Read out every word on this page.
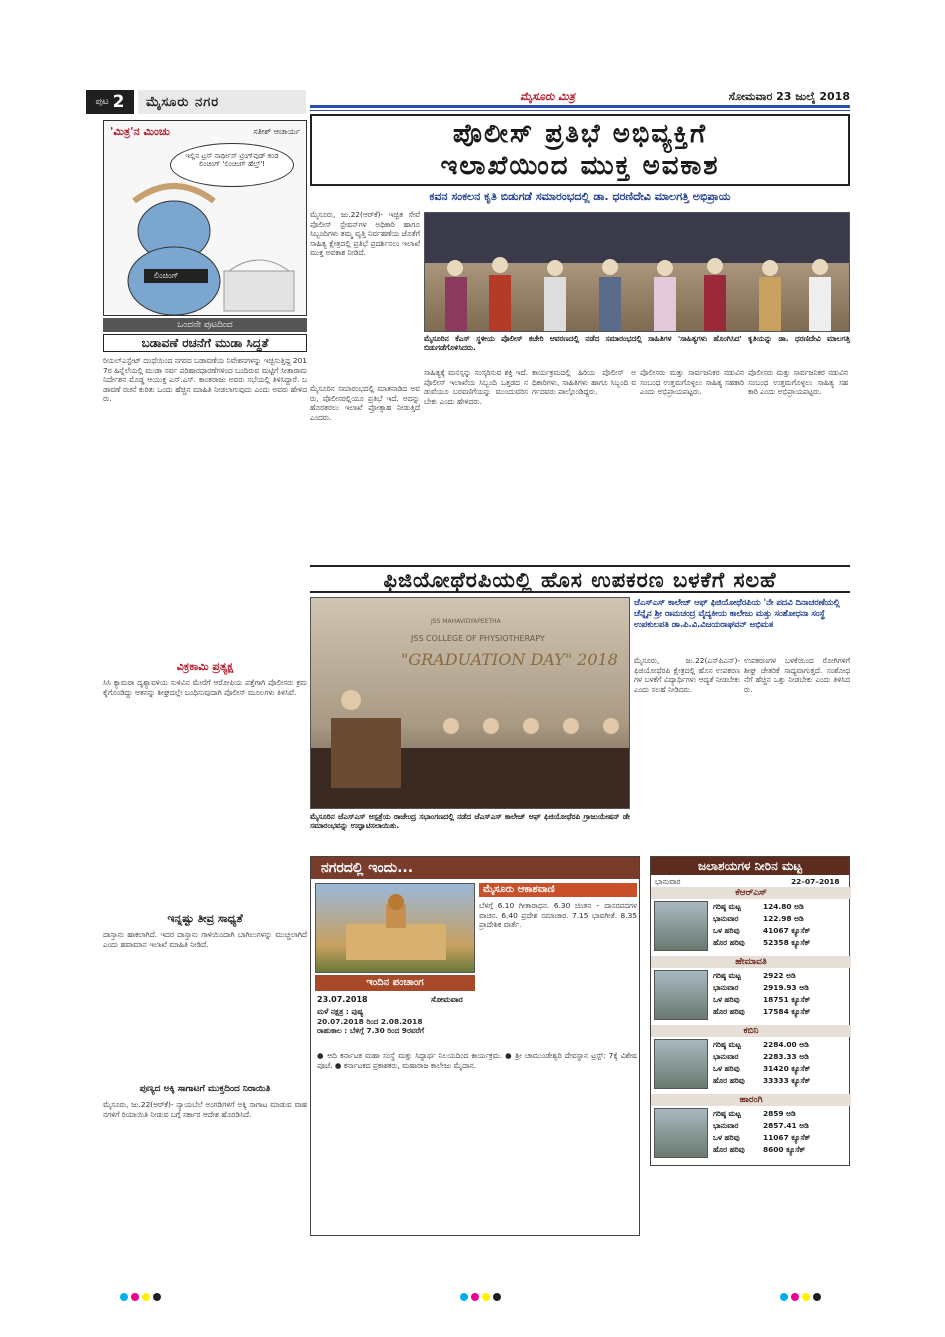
ಪುಟ 2	ಮೈಸೂರು ನಗರ	ಮೈಸೂರು ಮಿತ್ರ	ಸೋಮವಾರ 23 ಜುಲೈ 2018
'ಮಿತ್ರ'ನ ಮಿಂಚು	ಸತೀಶ್ ಆಚಾರ್ಯ
ಇಲ್ಲಿನ ಟ್ರಸ್ ನಾರ್ಥೀಸ್ ಟ್ರಿಂಗ್‌ವುಡ್ ಕಂಡ ಲಿಂಚಿಂಗ್ 'ಲಿಂಚಿಂಗ್ ಹೆಲ್ತ್'!
ಲಿಂಚಿಂಗ್
ಒಂದನೇ ಪುಟದಿಂದ
ಬಡಾವಣೆ ರಚನೆಗೆ ಮುಡಾ ಸಿದ್ಧತೆ
ರಿಯಲ್‌ಎಸ್ಟೇಟ್ ದಂಧೆಯಿಂದ ನಗರದ ಬಡಾವಣೆಯ ನಿವೇಶನಗಳನ್ನು ಇಚ್ಛಿಸುತ್ತಿದ್ದ 2017ರ ಹಿನ್ನೆಲೆಯಲ್ಲಿ ಮುಡಾ ಸರ್ವ ಪರಿಹಾರಧಾರಣೆಗಳಿಂದ ಬಂದಿರುವ ಮಟ್ಟಿಗೆ ಸೀತಾರಾಮ ನಿರ್ದೇಶನ ಮೊಡ್ಡ ಆಯುಕ್ತ ಎಸ್.ಎಸ್. ಕಾಂತರಾಜು ಅವರು ಸಭೆಯಲ್ಲಿ ತಿಳಿಸಿದ್ದಾರೆ. ಬಡಾವಣೆ ರಚನೆ ಕುರಿತು ಒಂದು ಹೆಚ್ಚಿನ ಮಾಹಿತಿ ನೀಡಲಾಗುವುದು ಎಂದು ಅವರು ಹೇಳಿದರು.
ವಿಕ್ರಕಾಮಿ ಪ್ರತ್ಯಕ್ಷ
ಸಿಸಿ ಕ್ಯಾಮರಾ ದೃಶ್ಯಾವಳಿಯ ಸುಳಿವಿನ ಮೇರೆಗೆ ಆರೋಪಿಯ ಪತ್ತೆಗಾಗಿ ಪೊಲೀಸರು ಕ್ರಮ ಕೈಗೊಂಡಿದ್ದು ಆತನನ್ನು ಶೀಘ್ರದಲ್ಲೇ ಬಂಧಿಸುವುದಾಗಿ ಪೊಲೀಸ್ ಮೂಲಗಳು ತಿಳಿಸಿವೆ.
ಇನ್ನಷ್ಟು ತೀವ್ರ ಸಾಧ್ಯತೆ
ದಾಸ್ತಾನು ಹಾಕಲಾಗಿದೆ. ಇದರ ದಾಸ್ತಾನು ಗಾಳಿಯಿಂದಾಗಿ ಬಾಗಿಲುಗಳನ್ನು ಮುಚ್ಚಲಾಗಿದೆ ಎಂದು ಹವಾಮಾನ ಇಲಾಖೆ ಮಾಹಿತಿ ನೀಡಿದೆ.
ಪುಣ್ಯದ ಅಕ್ಕಿ ಸಾಗಾಟಗೆ ಮುಕ್ತದಿಂದ ನಿರಾಯಿತಿ
ಮೈಸೂರು, ಜು.22(ಆರ್‌ಕೆ)- ನ್ಯಾಯಬೆಲೆ ಅಂಗಡಿಗಳಿಗೆ ಅಕ್ಕಿ ಸಾಗಾಟ ಮಾಡುವ ವಾಹನಗಳಿಗೆ ರಿಯಾಯಿತಿ ನೀಡುವ ಬಗ್ಗೆ ಸರ್ಕಾರ ಆದೇಶ ಹೊರಡಿಸಿದೆ.
ಪೊಲೀಸ್ ಪ್ರತಿಭೆ ಅಭಿವ್ಯಕ್ತಿಗೆ
ಇಲಾಖೆಯಿಂದ ಮುಕ್ತ ಅವಕಾಶ
ಕವನ ಸಂಕಲನ ಕೃತಿ ಬಿಡುಗಡೆ ಸಮಾರಂಭದಲ್ಲಿ ಡಾ. ಧರಣಿದೇವಿ ಮಾಲಗತ್ತಿ ಅಭಿಪ್ರಾಯ
ಮೈಸೂರು, ಜು.22(ಆರ್‌ಕೆ)- ಇಚ್ಛಿತ ಸೇವೆ ಪೊಲೀಸ್ ಸ್ಟೇಷನ್‌ಗಳ ಅಧಿಕಾರಿ ಹಾಗೂ ಸಿಬ್ಬಂದಿಗಳು ತಮ್ಮ ವೃತ್ತಿ ನಿರ್ವಹಣೆಯ ಜೊತೆಗೆ ಸಾಹಿತ್ಯ ಕ್ಷೇತ್ರದಲ್ಲಿ ಪ್ರತಿಭೆ ಪ್ರದರ್ಶಿಸಲು ಇಲಾಖೆ ಮುಕ್ತ ಅವಕಾಶ ನೀಡಿದೆ.
ಮೈಸೂರಿನ ಕೆಎಸ್ ಸ್ಥಳೀಯ ಪೊಲೀಸ್ ಕಚೇರಿ ಆವರಣದಲ್ಲಿ ನಡೆದ ಸಮಾರಂಭದಲ್ಲಿ ಸಾಹಿತಿಗಳ 'ಸಾಹಿತ್ಯಗಳು ಹೊಂಗಿಸಿದ' ಕೃತಿಯನ್ನು ಡಾ. ಧರಣಿದೇವಿ ಮಾಲಗತ್ತಿ ಬಿಡುಗಡೆಗೊಳಿಸಿದರು.
ಮೈಸೂರಿನ ಸಮಾರಂಭದಲ್ಲಿ ಮಾತನಾಡಿದ ಅವರು, ಪೊಲೀಸರಲ್ಲಿಯೂ ಪ್ರತಿಭೆ ಇದೆ. ಅದನ್ನು ಹೊರತರಲು ಇಲಾಖೆ ಪ್ರೋತ್ಸಾಹ ನೀಡುತ್ತಿದೆ ಎಂದರು.
ಸಾಹಿತ್ಯಕ್ಕೆ ಮನಸ್ಸನ್ನು ಸಂಸ್ಕರಿಸುವ ಶಕ್ತಿ ಇದೆ. ಪೊಲೀಸ್ ಇಲಾಖೆಯ ಸಿಬ್ಬಂದಿ ಒತ್ತಡದ ನಡುವೆಯೂ ಬರವಣಿಗೆಯನ್ನು ಮುಂದುವರಿಸಬೇಕು ಎಂದು ಹೇಳಿದರು.
ಕಾರ್ಯಕ್ರಮದಲ್ಲಿ ಹಿರಿಯ ಪೊಲೀಸ್ ಅಧಿಕಾರಿಗಳು, ಸಾಹಿತಿಗಳು ಹಾಗೂ ಸಿಬ್ಬಂದಿ ವರ್ಗದವರು ಪಾಲ್ಗೊಂಡಿದ್ದರು.
ಪೊಲೀಸರು ಮತ್ತು ಸಾರ್ವಜನಿಕರ ನಡುವಿನ ಸಂಬಂಧ ಉತ್ತಮಗೊಳ್ಳಲು ಸಾಹಿತ್ಯ ಸಹಕಾರಿ ಎಂದು ಅಭಿಪ್ರಾಯಪಟ್ಟರು.
ಪೊಲೀಸರು ಮತ್ತು ಸಾರ್ವಜನಿಕರ ನಡುವಿನ ಸಂಬಂಧ ಉತ್ತಮಗೊಳ್ಳಲು ಸಾಹಿತ್ಯ ಸಹಕಾರಿ ಎಂದು ಅಭಿಪ್ರಾಯಪಟ್ಟರು.
ಫಿಜಿಯೋಥೆರಪಿಯಲ್ಲಿ ಹೊಸ ಉಪಕರಣ ಬಳಕೆಗೆ ಸಲಹೆ
JSS MAHAVIDYAPEETHA
JSS COLLEGE OF PHYSIOTHERAPY
"GRADUATION DAY" 2018
ಮೈಸೂರಿನ ಜೆಎಸ್‌ಎಸ್ ಆಸ್ಪತ್ರೆಯ ರಾಜೇಂದ್ರ ಸಭಾಂಗಣದಲ್ಲಿ ನಡೆದ ಜೆಎಸ್‌ಎಸ್ ಕಾಲೇಜ್ ಆಫ್ ಫಿಜಿಯೋಥೆರಪಿ ಗ್ರಾಜುಯೇಷನ್ ಡೇ ಸಮಾರಂಭವನ್ನು ಉದ್ಘಾಟಿಸಲಾಯಿತು.
ಜೆಎಸ್‌ಎಸ್ ಕಾಲೇಜ್ ಆಫ್ ಫಿಜಿಯೋಥೆರಪಿಯ 'ನೇ ಪದವಿ ದಿನಾಚರಣೆಯಲ್ಲಿ ಚೆನ್ನೈನ ಶ್ರೀ ರಾಮಚಂದ್ರ ವೈದ್ಯಕೀಯ ಕಾಲೇಜು ಮತ್ತು ಸಂಶೋಧನಾ ಸಂಸ್ಥೆ ಉಪಕುಲಪತಿ ಡಾ.ಪಿ.ವಿ.ವಿಜಯರಾಘವನ್ ಅಭಿಮತ
ಮೈಸೂರು, ಜು.22(ಎಸ್‌ಪಿಎನ್)- ಫಿಜಿಯೋಥೆರಪಿ ಕ್ಷೇತ್ರದಲ್ಲಿ ಹೊಸ ಉಪಕರಣಗಳ ಬಳಕೆಗೆ ವಿದ್ಯಾರ್ಥಿಗಳು ಆದ್ಯತೆ ನೀಡಬೇಕು ಎಂದು ಸಲಹೆ ನೀಡಿದರು.
ಉಪಕರಣಗಳ ಬಳಕೆಯಿಂದ ರೋಗಿಗಳಿಗೆ ಶೀಘ್ರ ಚೇತರಿಕೆ ಸಾಧ್ಯವಾಗುತ್ತದೆ. ಸಂಶೋಧನೆಗೆ ಹೆಚ್ಚಿನ ಒತ್ತು ನೀಡಬೇಕು ಎಂದು ತಿಳಿಸಿದರು.
ನಗರದಲ್ಲಿ ಇಂದು...
ಇಂದಿನ ಪಂಚಾಂಗ
23.07.2018	ಸೋಮವಾರ
ಮಳೆ ನಕ್ಷತ್ರ : ಪುಷ್ಯ
20.07.2018 ರಿಂದ 2.08.2018
ರಾಹುಕಾಲ : ಬೆಳಿಗ್ಗೆ 7.30 ರಿಂದ 9ರವರೆಗೆ
ಮೈಸೂರು ಆಕಾಶವಾಣಿ
ಬೆಳಿಗ್ಗೆ 6.10 ಗೀತಾರಾಧನ. 6.30 ಚಿಂತನ – ದಾಸರಪದಗಳ ವಾಚನ. 6.40 ಪ್ರದೇಶ ಸಮಾಚಾರ. 7.15 ಭಾವಗೀತೆ. 8.35 ಪ್ರಾದೇಶಿಕ ವಾರ್ತೆ.
● ಆದಿ ಕರ್ನಾಟಕ ಮಹಾ ಸಂಸ್ಥೆ ಮತ್ತು ಸಿದ್ಧಾರ್ಥ ನಿಲಯದಿಂದ ಕಾರ್ಯಕ್ರಮ. ● ಶ್ರೀ ಚಾಮುಂಡೇಶ್ವರಿ ದೇವಸ್ಥಾನ ಟ್ರಸ್ಟ್: 7ಕ್ಕೆ ವಿಶೇಷ ಪೂಜೆ. ● ಕರ್ನಾಟಕದ ಪ್ರಕಾಶಕರು, ಮಹಾರಾಜ ಕಾಲೇಜು ಮೈದಾನ.
ಜಲಾಶಯಗಳ ನೀರಿನ ಮಟ್ಟ
ಭಾನುವಾರ	22–07–2018
ಕೆಆರ್‌ಎಸ್
ಗರಿಷ್ಠ ಮಟ್ಟ	124.80 ಅಡಿ
ಭಾನುವಾರ	122.98 ಅಡಿ
ಒಳ ಹರಿವು	41067 ಕ್ಯೂಸೆಕ್
ಹೊರ ಹರಿವು 52358 ಕ್ಯೂಸೆಕ್
ಹೇಮಾವತಿ
ಗರಿಷ್ಠ ಮಟ್ಟ	2922 ಅಡಿ
ಭಾನುವಾರ	2919.93 ಅಡಿ
ಒಳ ಹರಿವು	18751 ಕ್ಯೂಸೆಕ್
ಹೊರ ಹರಿವು 17584 ಕ್ಯೂಸೆಕ್
ಕಬಿನಿ
ಗರಿಷ್ಠ ಮಟ್ಟ	2284.00 ಅಡಿ
ಭಾನುವಾರ	2283.33 ಅಡಿ
ಒಳ ಹರಿವು	31420 ಕ್ಯೂಸೆಕ್
ಹೊರ ಹರಿವು 33333 ಕ್ಯೂಸೆಕ್
ಹಾರಂಗಿ
ಗರಿಷ್ಠ ಮಟ್ಟ	2859 ಅಡಿ
ಭಾನುವಾರ	2857.41 ಅಡಿ
ಒಳ ಹರಿವು	11067 ಕ್ಯೂಸೆಕ್
ಹೊರ ಹರಿವು 8600 ಕ್ಯೂಸೆಕ್
